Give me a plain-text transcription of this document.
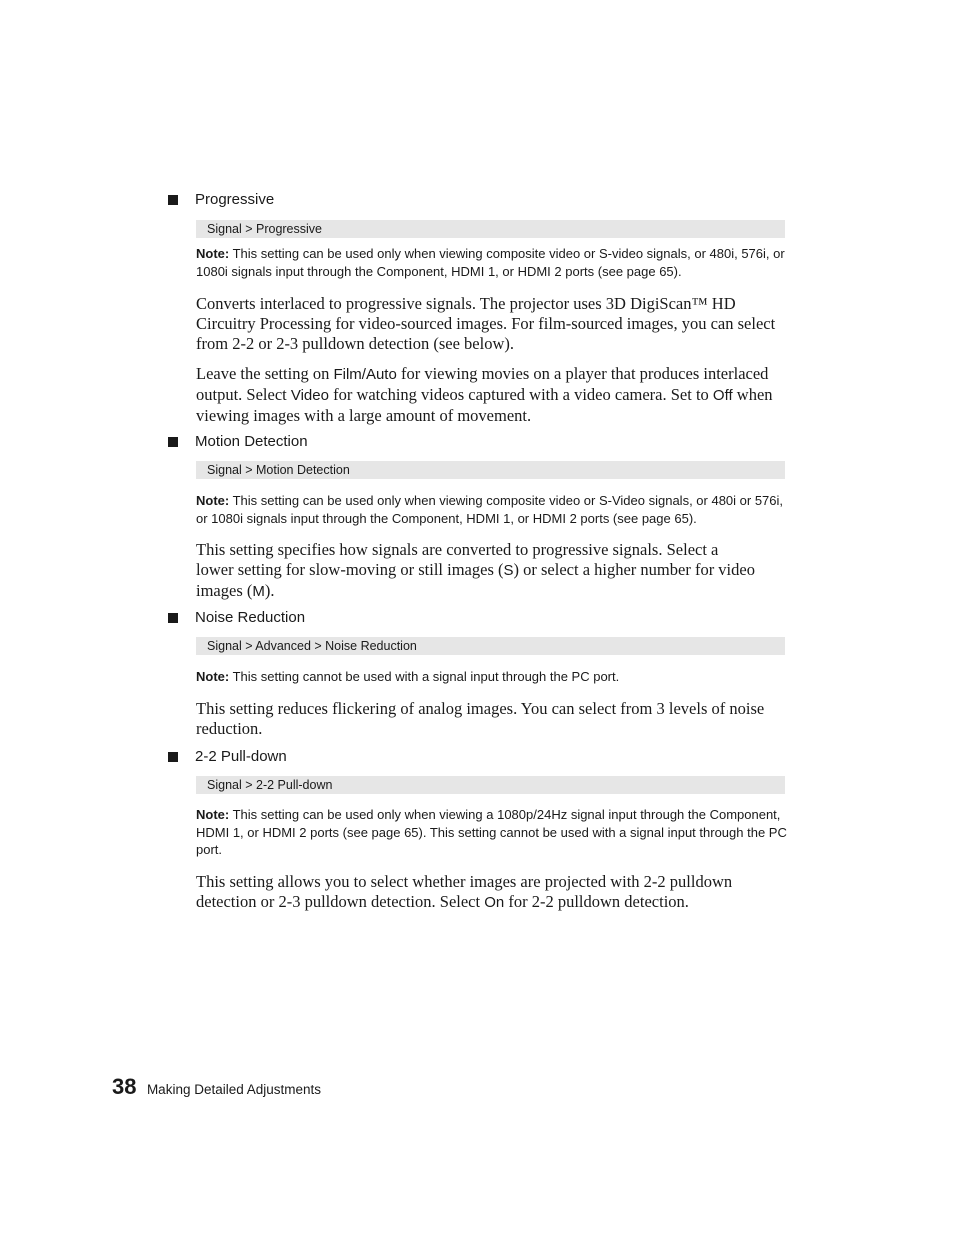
Progressive
Signal > Progressive
Note: This setting can be used only when viewing composite video or S-video signals, or 480i, 576i, or 1080i signals input through the Component, HDMI 1, or HDMI 2 ports (see page 65).
Converts interlaced to progressive signals. The projector uses 3D DigiScan™ HD Circuitry Processing for video-sourced images. For film-sourced images, you can select from 2-2 or 2-3 pulldown detection (see below).
Leave the setting on Film/Auto for viewing movies on a player that produces interlaced output. Select Video for watching videos captured with a video camera. Set to Off when viewing images with a large amount of movement.
Motion Detection
Signal > Motion Detection
Note: This setting can be used only when viewing composite video or S-Video signals, or 480i or 576i, or 1080i signals input through the Component, HDMI 1, or HDMI 2 ports (see page 65).
This setting specifies how signals are converted to progressive signals. Select a lower setting for slow-moving or still images (S) or select a higher number for video images (M).
Noise Reduction
Signal > Advanced > Noise Reduction
Note: This setting cannot be used with a signal input through the PC port.
This setting reduces flickering of analog images. You can select from 3 levels of noise reduction.
2-2 Pull-down
Signal > 2-2 Pull-down
Note: This setting can be used only when viewing a 1080p/24Hz signal input through the Component, HDMI 1, or HDMI 2 ports (see page 65). This setting cannot be used with a signal input through the PC port.
This setting allows you to select whether images are projected with 2-2 pulldown detection or 2-3 pulldown detection. Select On for 2-2 pulldown detection.
38 Making Detailed Adjustments
